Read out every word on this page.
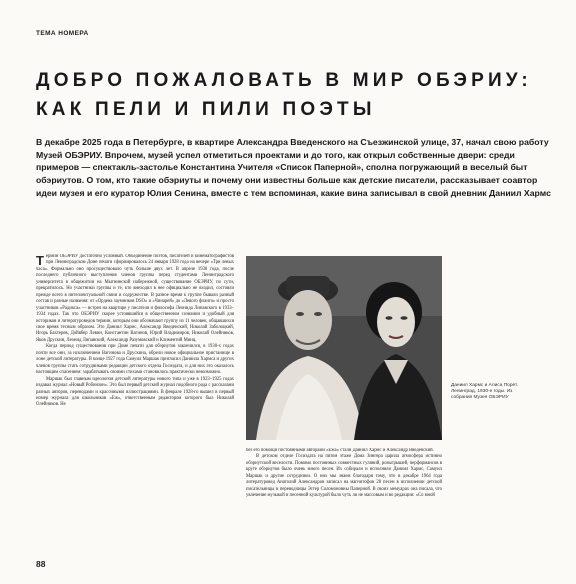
ТЕМА НОМЕРА
ДОБРО ПОЖАЛОВАТЬ В МИР ОБЭРИУ:
КАК ПЕЛИ И ПИЛИ ПОЭТЫ
В декабре 2025 года в Петербурге, в квартире Александра Введенского на Съезжинской улице, 37, начал свою работу Музей ОБЭРИУ. Впрочем, музей успел отметиться проектами и до того, как открыл собственные двери: среди примеров — спектакль-застолье Константина Учителя «Список Паперной», сполна погружающий в веселый быт обэриутов. О том, кто такие обэриуты и почему они известны больше как детские писатели, рассказывает соавтор идеи музея и его куратор Юлия Сенина, вместе с тем вспоминая, какие вина записывал в свой дневник Даниил Хармс

Термин ОБЭРИУ достаточно условный. Объединение поэтов, писателей и кинематографистов при Ленинградском Доме печати сформировалось 24 января 1928 года на вечере «Три левых часа». Формально оно просуществовало чуть больше двух лет. В апреле 1930 года, после последнего публичного выступления членов группы перед студентами Ленинградского университета в общежитии на Мытнинской набережной, существование ОБЭРИУ, по сути, прекратилось. Но участники группы и те, кто внеходил в нее официально не входил, состояли прежде всего в интеллектуальной связи и содружестве. В разное время к группе бывали разный состав и разные названия: от «Ордена заумников DSO» и «Чинарей» до «Левого фланга» и просто участников «Радикса» — встреч на квартире у писателя и философа Леонида Липавского в 1933–1934 годах. Так что ОБЭРИУ скорее устоявшийся в общественном сознании и удобный для историков и литературоведов термин, которым они обозначают группу из 11 человек, общавшихся свое время тесным образом. Это Даниил Хармс, Александр Введенский, Николай Заболоцкий, Игорь Бахтерев, Дойвбер Левин, Константин Вагинов, Юрий Владимиров, Николай Олейников, Яков Друскин, Леонид Липавский, Александр Разумовский и Климентий Минц.

Когда период существования при Доме печати для обэриутов закончился, в 1930-х годах почти все они, за исключением Вагинова и Друскина, обрели новое официальное пристанище в лоне детской литературы. В конце 1927 года Самуил Маршак пригласил Даниила Хармса и других членов группы стать сотрудниками редакции детского отдела Госиздата, и для них это оказалось настоящим спасением: зарабатывать своими стихами становилось практически невозможно.

Маршак был главным идеологом детской литературы нового типа и уже в 1923–1925 годах издавал журнал «Новый Робинзон». Это был первый детский журнал подобного рода с рассказами разных авторов, переводами и красочными иллюстрациями. В феврале 1928-го вышел в первый номер журнала для школьников «Еж», ответственным редактором которого был Николай Олейников. Не

Даниил Хармс и Алиса Порет. Ленинград, 1930-е годы. Из собрания Музея ОБЭРИУ

без его помощи постоянными авторами «Ежа» стали Даниил Хармс и Александр Введенский.

В детском отделе Госиздата на пятом этаже Дома Зингера царила атмосфера истинно обэриутской веселости. Помимо постоянных совместных гуляний, розыгрышей, перформансов в круге обэриутов было очень много песен. Их собирали и исполняли Даниил Хармс, Самуил Маршак и другие сотрудники. О них мы знаем благодаря тому, что в декабре 1964 года литературовед Анатолий Александров записал на магнитофон 28 песен в исполнении детской писательницы и переводчицы Эстер Соломоновны Паперной. В своих мемуарах она писала, что увлечение музыкой и песенной культурой было чуть ли не массовым и во редакции: «Со мной

88
